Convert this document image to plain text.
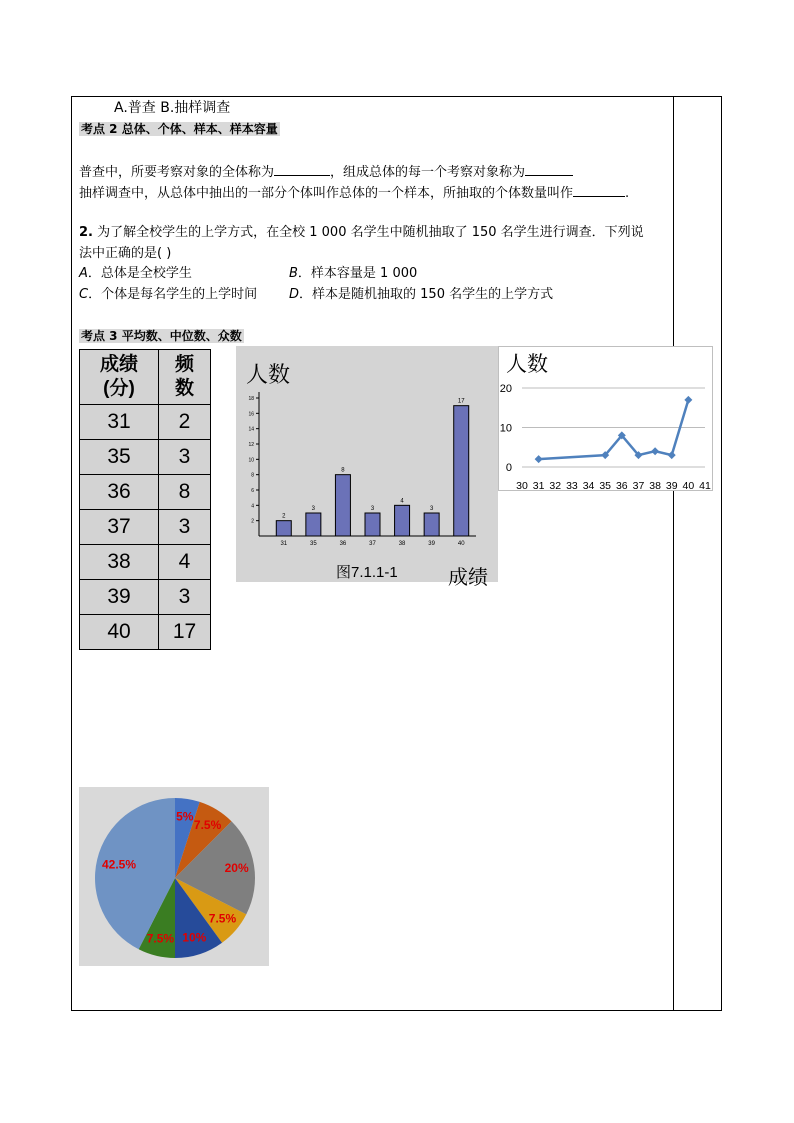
A.普查 B.抽样调查
考点 2 总体、个体、样本、样本容量
普查中，所要考察对象的全体称为	，组成总体的每一个考察对象称为
抽样调查中，从总体中抽出的一部分个体叫作总体的一个样本，所抽取的个体数量叫作	.
2. 为了解全校学生的上学方式，在全校 1 000 名学生中随机抽取了 150 名学生进行调查．下列说
法中正确的是( )
A．总体是全校学生	B．样本容量是 1 000
C．个体是每名学生的上学时间 D．样本是随机抽取的 150 名学生的上学方式
考点 3 平均数、中位数、众数
成绩
(分)	频
数
31	2
35	3
36	8
37	3
38	4
39	3
40	17
2
4
6
8
10
12
14
16
18
2
31
3
35
8
36
3
37
4
38
3
39
17
40
人数
图7.1.1-1	成绩
0
10
20
30 31 32 33 34 35 36 37 38 39 40 41
人数
5%
7.5%
20%
7.5%
10%
7.5%
42.5%
